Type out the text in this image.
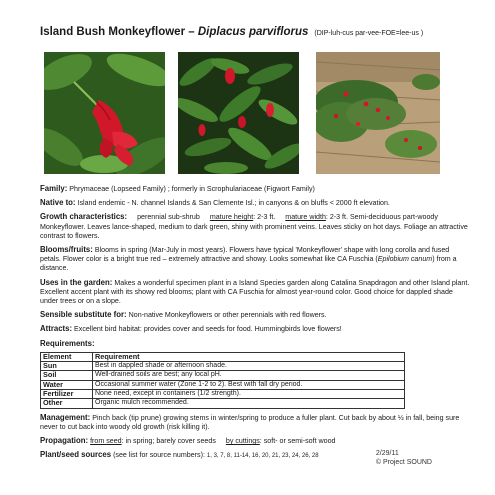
Island Bush Monkeyflower – Diplacus parviflorus (DIP-luh-cus par-vee-FOE=lee-us )
Family: Phrymaceae (Lopseed Family) ; formerly in Scrophulariaceae (Figwort Family)
Native to: Island endemic - N. channel Islands & San Clemente Isl.; in canyons & on bluffs < 2000 ft elevation.
Growth characteristics: perennial sub-shrub mature height: 2-3 ft. mature width: 2-3 ft. Semi-deciduous part-woody Monkeyflower. Leaves lance-shaped, medium to dark green, shiny with prominent veins. Leaves sticky on hot days. Foliage an attractive contrast to flowers.
Blooms/fruits: Blooms in spring (Mar-July in most years). Flowers have typical 'Monkeyflower' shape with long corolla and fused petals. Flower color is a bright true red – extremely attractive and showy. Looks somewhat like CA Fuschia (Epilobium canum) from a distance.
Uses in the garden: Makes a wonderful specimen plant in a Island Species garden along Catalina Snapdragon and other Island plant. Excellent accent plant with its showy red blooms; plant with CA Fuschia for almost year-round color. Good choice for dappled shade under trees or on a slope.
Sensible substitute for: Non-native Monkeyflowers or other perennials with red flowers.
Attracts: Excellent bird habitat: provides cover and seeds for food. Hummingbirds love flowers!
Requirements:
Element	Requirement
Sun	Best in dappled shade or afternoon shade.
Soil	Well-drained soils are best; any local pH.
Water	Occasional summer water (Zone 1-2 to 2). Best with fall dry period.
Fertilizer	None need, except in containers (1/2 strength).
Other	Organic mulch recommended.
Management: Pinch back (tip prune) growing stems in winter/spring to produce a fuller plant. Cut back by about ½ in fall, being sure never to cut back into woody old growth (risk killing it).
Propagation: from seed: in spring; barely cover seeds by cuttings: soft- or semi-soft wood
Plant/seed sources (see list for source numbers): 1, 3, 7, 8, 11-14, 16, 20, 21, 23, 24, 26, 28	2/29/11
© Project SOUND
